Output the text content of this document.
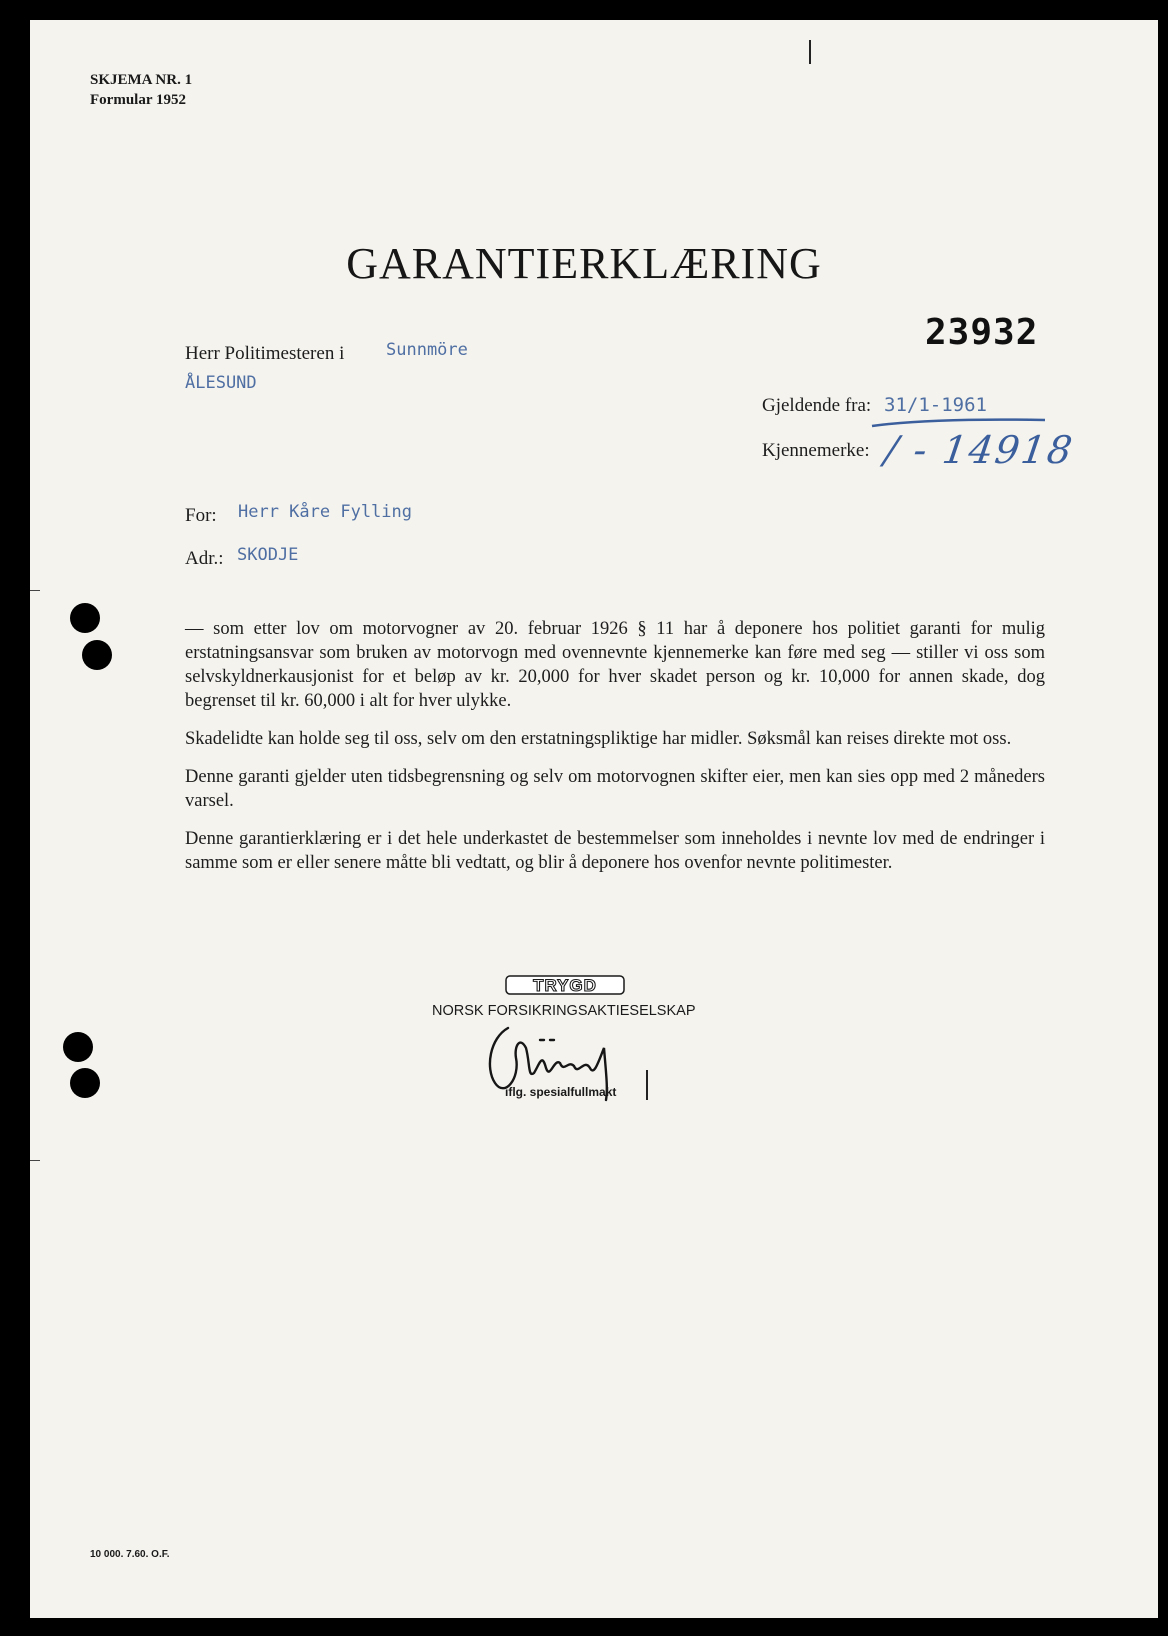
SKJEMA NR. 1
Formular 1952
GARANTIERKLÆRING
23932
Herr Politimesteren i Sunnmöre
ÅLESUND
Gjeldende fra: 31/1-1961
Kjennemerke: / - 14918
For: Herr Kåre Fylling
Adr.: SKODJE

— som etter lov om motorvogner av 20. februar 1926 § 11 har å deponere hos politiet garanti for mulig erstatningsansvar som bruken av motorvogn med ovennevnte kjennemerke kan føre med seg — stiller vi oss som selvskyldnerkausjonist for et beløp av kr. 20,000 for hver skadet person og kr. 10,000 for annen skade, dog begrenset til kr. 60,000 i alt for hver ulykke.

Skadelidte kan holde seg til oss, selv om den erstatningspliktige har midler. Søksmål kan reises direkte mot oss.

Denne garanti gjelder uten tidsbegrensning og selv om motorvognen skifter eier, men kan sies opp med 2 måneders varsel.

Denne garantierklæring er i det hele underkastet de bestemmelser som inneholdes i nevnte lov med de endringer i samme som er eller senere måtte bli vedtatt, og blir å deponere hos ovenfor nevnte politimester.

TRYGD
NORSK FORSIKRINGSAKTIESELSKAP
iflg. spesialfullmakt
10 000. 7.60. O.F.
